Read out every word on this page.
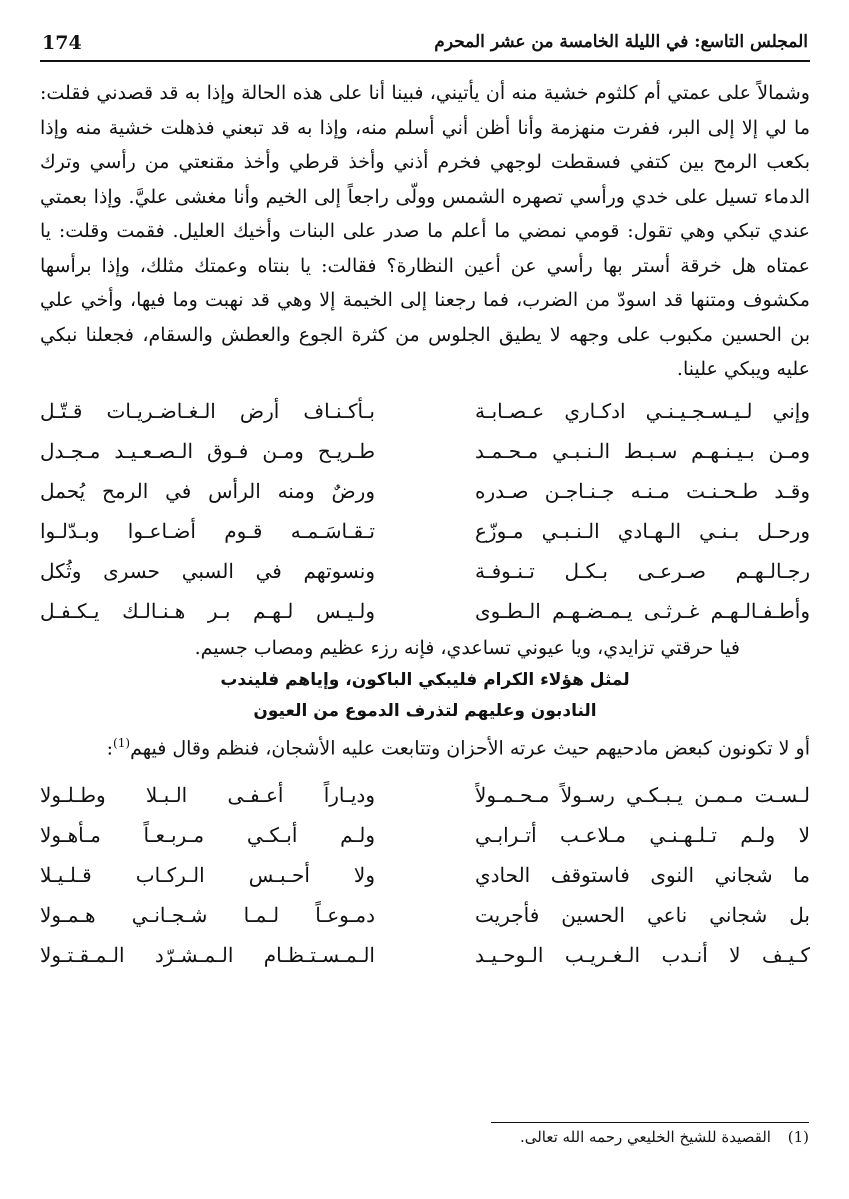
174	المجلس التاسع: في الليلة الخامسة من عشر المحرم

وشمالاً على عمتي أم كلثوم خشية منه أن يأتيني، فبينا أنا على هذه الحالة وإذا به قد قصدني فقلت: ما لي إلا إلى البر، ففرت منهزمة وأنا أظن أني أسلم منه، وإذا به قد تبعني فذهلت خشية منه وإذا بكعب الرمح بين كتفي فسقطت لوجهي فخرم أذني وأخذ قرطي وأخذ مقنعتي من رأسي وترك الدماء تسيل على خدي ورأسي تصهره الشمس وولّى راجعاً إلى الخيم وأنا مغشى عليَّ. وإذا بعمتي عندي تبكي وهي تقول: قومي نمضي ما أعلم ما صدر على البنات وأخيك العليل. فقمت وقلت: يا عمتاه هل خرقة أستر بها رأسي عن أعين النظارة؟ فقالت: يا بنتاه وعمتك مثلك، وإذا برأسها مكشوف ومتنها قد اسودّ من الضرب، فما رجعنا إلى الخيمة إلا وهي قد نهبت وما فيها، وأخي علي بن الحسين مكبوب على وجهه لا يطيق الجلوس من كثرة الجوع والعطش والسقام، فجعلنا نبكي عليه ويبكي علينا.

وإني لـيـسـجـيـنـي ادكـاري عـصـابـة
بـأكـنـاف أرض الـغـاضـريـات قـتّـل
ومـن بـيـنـهـم سـبـط الـنـبـي مـحـمـد
طـريـح ومـن فـوق الـصـعـيـد مـجـدل
وقـد طـحـنـت مـنـه جـنـاجـن صـدره
ورضٌ ومنه الرأس في الرمح يُحمل
ورحـل بـنـي الـهـادي الـنـبـي مـوزّع
تـقـاسَـمـه قـوم أضـاعـوا وبـدّلـوا
رجـالـهـم صـرعـى بـكـل تـنـوفـة
ونسوتهم في السبي حسرى وثُكل
وأطـفـالـهـم غـرثـى يـمـضـهـم الـطـوى
ولـيـس لـهـم بـر هـنـالـك يـكـفـل
فيا حرقتي تزايدي، ويا عيوني تساعدي، فإنه رزء عظيم ومصاب جسيم.
لمثل هؤلاء الكرام فليبكي الباكون، وإياهم فليندب
النادبون وعليهم لتذرف الدموع من العيون

أو لا تكونون كبعض مادحيهم حيث عرته الأحزان وتتابعت عليه الأشجان، فنظم وقال فيهم$^{(1)}$:

لـسـت مـمـن يـبـكـي رسـولاً مـحـمـولاً
وديـاراً أعـفـى الـبـلا وطـلـولا
لا ولـم تـلـهـنـي مـلاعـب أتـرابـي
ولـم أبـكـي مـربـعـاً مـأهـولا
ما شجاني النوى فاستوقف الحادي
ولا أحـبـس الـركـاب قـلـيـلا
بل شجاني ناعي الحسين فأجريت
دمـوعـاً لـمـا شـجـانـي هـمـولا
كـيـف لا أنـدب الـغـريـب الـوحـيـد
الـمـسـتـظـام الـمـشـرّد الـمـقـتـولا
(1) القصيدة للشيخ الخليعي رحمه الله تعالى.
